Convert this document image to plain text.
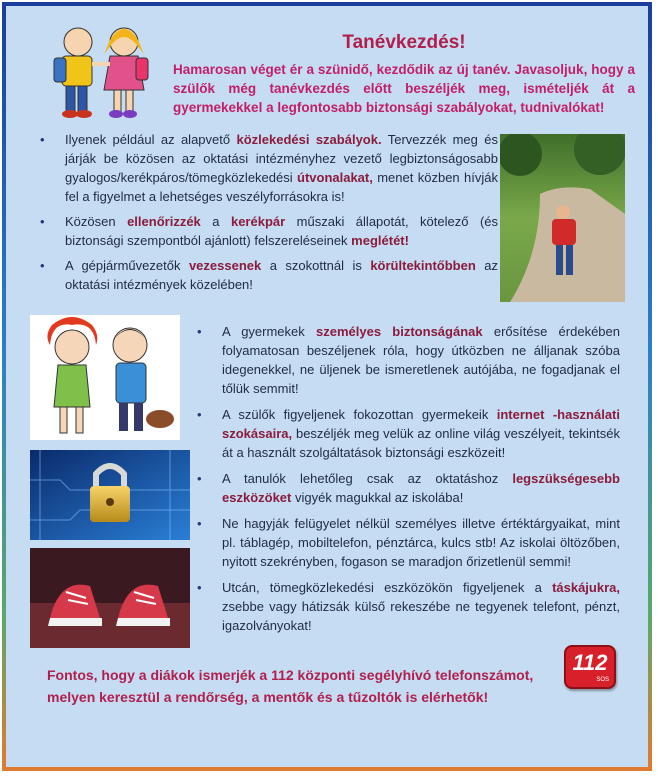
Tanévkezdés!
Hamarosan véget ér a szünidő, kezdődik az új tanév. Javasoljuk, hogy a szülők még tanévkezdés előtt beszéljék meg, ismételjék át a gyermekekkel a legfontosabb biztonsági szabályokat, tudnivalókat!
• Ilyenek például az alapvető közlekedési szabályok. Tervezzék meg és járják be közösen az oktatási intézményhez vezető legbiztonságosabb gyalogos/kerékpáros/tömegközlekedési útvonalakat, menet közben hívják fel a figyelmet a lehetséges veszélyforrásokra is!
• Közösen ellenőrizzék a kerékpár műszaki állapotát, kötelező (és biztonsági szempontból ajánlott) felszereléseinek meglétét!
• A gépjárművezetők vezessenek a szokottnál is körültekintőbben az oktatási intézmények közelében!
• A gyermekek személyes biztonságának erősítése érdekében folyamatosan beszéljenek róla, hogy útközben ne álljanak szóba idegenekkel, ne üljenek be ismeretlenek autójába, ne fogadjanak el tőlük semmit!
• A szülők figyeljenek fokozottan gyermekeik internet -használati szokásaira, beszéljék meg velük az online világ veszélyeit, tekintsék át a használt szolgáltatások biztonsági eszközeit!
• A tanulók lehetőleg csak az oktatáshoz legszükségesebb eszközöket vigyék magukkal az iskolába!
• Ne hagyják felügyelet nélkül személyes illetve értéktárgyaikat, mint pl. táblagép, mobiltelefon, pénztárca, kulcs stb! Az iskolai öltözőben, nyitott szekrényben, fogason se maradjon őrizetlenül semmi!
• Utcán, tömegközlekedési eszközökön figyeljenek a táskájukra, zsebbe vagy hátizsák külső rekeszébe ne tegyenek telefont, pénzt, igazolványokat!
Fontos, hogy a diákok ismerjék a 112 központi segélyhívó telefonszámot, melyen keresztül a rendőrség, a mentők és a tűzoltók is elérhetők!
112
SOS
